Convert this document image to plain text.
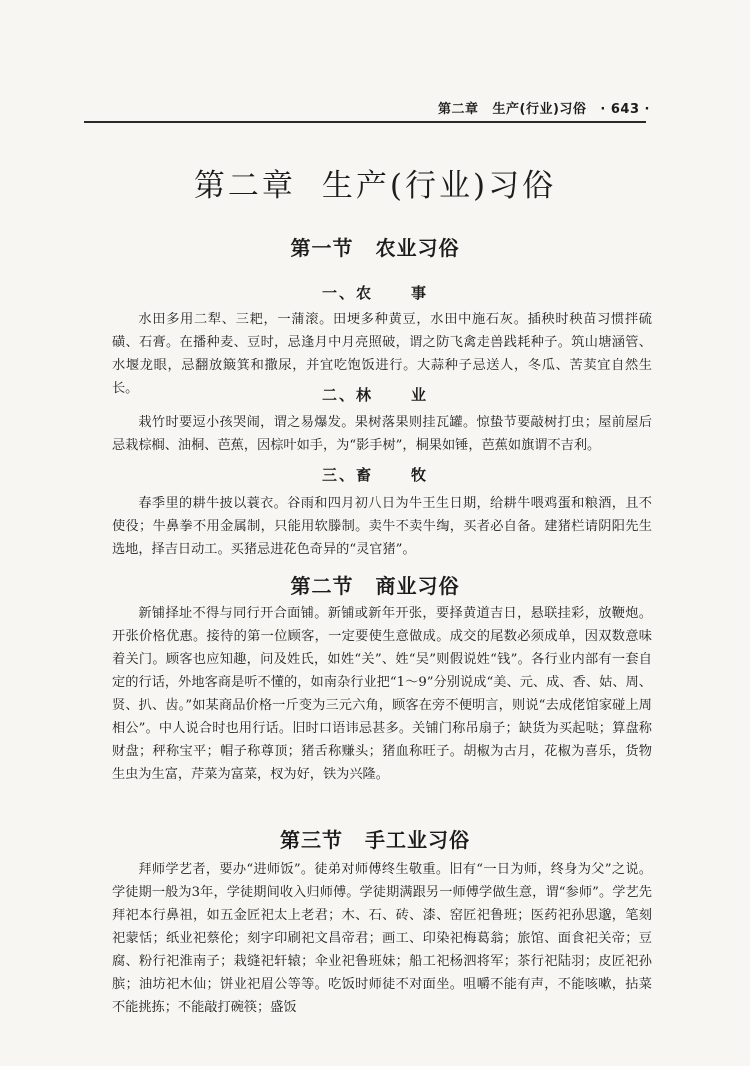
第二章 生产(行业)习俗 · 643 ·
第二章 生产(行业)习俗
第一节 农业习俗
一、农	事

水田多用二犁、三耙，一蒲滚。田埂多种黄豆，水田中施石灰。插秧时秧苗习惯拌硫磺、石膏。在播种麦、豆时，忌逢月中月亮照破，谓之防飞禽走兽践耗种子。筑山塘涵管、水堰龙眼，忌翻放簸箕和撒尿，并宜吃饱饭进行。大蒜种子忌送人，冬瓜、苦荬宜自然生长。	二、林	业

栽竹时要逗小孩哭闹，谓之易爆发。果树落果则挂瓦罐。惊蛰节要敲树打虫；屋前屋后忌栽棕榈、油桐、芭蕉，因棕叶如手，为“影手树”，桐果如锤，芭蕉如旗谓不吉利。

三、畜	牧

春季里的耕牛披以蓑衣。谷雨和四月初八日为牛王生日期，给耕牛喂鸡蛋和粮酒，且不使役；牛鼻拳不用金属制，只能用软滕制。卖牛不卖牛绹，买者必自备。建猪栏请阴阳先生选地，择吉日动工。买猪忌进花色奇异的“灵官猪”。

第二节 商业习俗

新铺择址不得与同行开合面铺。新铺或新年开张，要择黄道吉日，悬联挂彩，放鞭炮。开张价格优惠。接待的第一位顾客，一定要使生意做成。成交的尾数必须成单，因双数意味着关门。顾客也应知趣，问及姓氏，如姓“关”、姓“吴”则假说姓“钱”。各行业内部有一套自定的行话，外地客商是听不懂的，如南杂行业把“1～9”分别说成“美、元、成、香、姑、周、贤、扒、齿。”如某商品价格一斤变为三元六角，顾客在旁不便明言，则说“去成佬馆家碰上周相公”。中人说合时也用行话。旧时口语讳忌甚多。关铺门称吊扇子；缺货为买起哒；算盘称财盘；秤称宝平；帽子称尊顶；猪舌称赚头；猪血称旺子。胡椒为古月，花椒为喜乐，货物生虫为生富，芹菜为富菜，杈为好，铁为兴隆。

第三节 手工业习俗

拜师学艺者，要办“进师饭”。徒弟对师傅终生敬重。旧有“一日为师，终身为父”之说。学徒期一般为3年，学徒期间收入归师傅。学徒期满跟另一师傅学做生意，谓“参师”。学艺先拜祀本行鼻祖，如五金匠祀太上老君；木、石、砖、漆、窑匠祀鲁班；医药祀孙思邈，笔刻祀蒙恬；纸业祀蔡伦；刻字印刷祀文昌帝君；画工、印染祀梅葛翁；旅馆、面食祀关帝；豆腐、粉行祀淮南子；栽缝祀轩辕；伞业祀鲁班妹；船工祀杨泗将军；茶行祀陆羽；皮匠祀孙膑；油坊祀木仙；饼业祀眉公等等。吃饭时师徒不对面坐。咀嚼不能有声，不能咳嗽，拈菜不能挑拣；不能敲打碗筷；盛饭
